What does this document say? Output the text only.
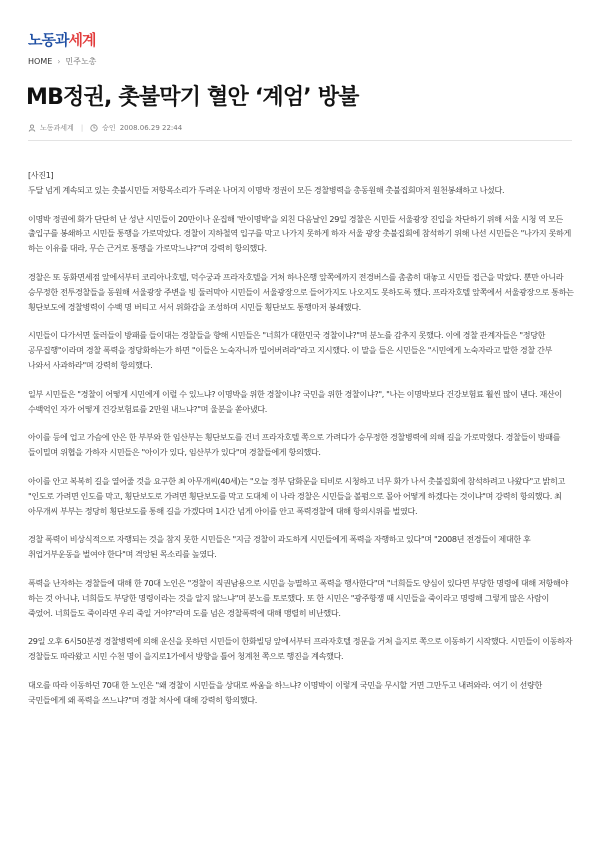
노동과세계
HOME › 민주노총
MB정권, 촛불막기 혈안 ‘계엄’ 방불
노동과세계 |	승인 2008.06.29 22:44

[사진1]

두달 넘게 계속되고 있는 촛불시민들 저항목소리가 두려운 나머지 이명박 정권이 모든 경찰병력을 총동원해 촛불집회마저 원천봉쇄하고 나섰다.

이명박 정권에 화가 단단히 난 성난 시민들이 20만이나 운집해 '반이명박'을 외친 다음날인 29일 경찰은 시민들 서울광장 진입을 차단하기 위해 서울 시청 역 모든 출입구를 봉쇄하고 시민들 통행을 가로막았다. 경찰이 지하철역 입구를 막고 나가지 못하게 하자 서울 광장 촛불집회에 참석하기 위해 나선 시민들은 "나가지 못하게 하는 이유를 대라, 무슨 근거로 통행을 가로막느냐?"며 강력히 항의했다.

경찰은 또 동화면세점 앞에서부터 코리아나호텔, 덕수궁과 프라자호텔을 거쳐 하나은행 앞쪽에까지 전경버스를 촘촘히 대놓고 시민들 접근을 막았다. 뿐만 아니라 승무정한 전투경찰들을 동원해 서울광장 주변을 빙 둘러막아 시민들이 서울광장으로 들어가지도 나오지도 못하도록 했다. 프라자호텔 앞쪽에서 서울광장으로 통하는 횡단보도에 경찰병력이 수백 명 버티고 서서 위화감을 조성하며 시민들 횡단보도 통행마저 봉쇄했다.

시민들이 다가서면 둘러들이 방패를 들이대는 경찰들을 향해 시민들은 "너희가 대한민국 경찰이냐?"며 분노를 감추지 못했다. 이에 경찰 관계자들은 "정당한 공무집행"이라며 경찰 폭력을 정당화하는가 하면 "이들은 노숙자니까 밀어버려라"라고 지시했다. 이 말을 들은 시민들은 "시민에게 노숙자라고 말한 경찰 간부 나와서 사과하라"며 강력히 항의했다.

일부 시민들은 "경찰이 어떻게 시민에게 이럴 수 있느냐? 이명박을 위한 경찰이냐? 국민을 위한 경찰이냐?", "나는 이명박보다 건강보험료 훨씬 많이 낸다. 재산이 수백억인 자가 어떻게 건강보험료를 2만원 내느냐?"며 울분을 쏟아냈다.

아이를 등에 업고 가슴에 안은 한 부부와 한 임산부는 횡단보도를 건너 프라자호텔 쪽으로 가려다가 승무정한 경찰병력에 의해 길을 가로막혔다. 경찰들이 방패를 들이밀며 위협을 가하자 시민들은 "아이가 있다, 임산부가 있다"며 경찰들에게 항의했다.

아이를 안고 복복히 길을 열어줄 것을 요구한 최 아무개씨(40세)는 "오늘 정부 담화문을 티비로 시청하고 너무 화가 나서 촛불집회에 참석하려고 나왔다"고 밝히고 "인도로 가려면 인도를 막고, 횡단보도로 가려면 횡단보도를 막고 도대체 이 나라 경찰은 시민들을 볼펌으로 몰아 어떻게 하겠다는 것이냐"며 강력히 항의했다. 최 아무개씨 부부는 정당히 횡단보도를 통해 길을 가겠다며 1시간 넘게 아이를 안고 폭력경찰에 대해 항의시위를 벌였다.

경찰 폭력이 비상식적으로 자행되는 것을 참지 못한 시민들은 "지금 경찰이 과도하게 시민들에게 폭력을 자행하고 있다"며 "2008년 전경들이 제대한 후 취업거부운동을 벌여야 한다"며 격앙된 목소리를 높였다.

폭력을 난자하는 경찰들에 대해 한 70대 노인은 "경찰이 직권남용으로 시민을 능멸하고 폭력을 행사한다"며 "너희들도 양심이 있다면 부당한 명령에 대해 저항해야 하는 것 아니냐, 너희들도 부당한 명령이라는 것을 알지 않느냐"며 분노를 토로했다. 또 한 시민은 "광주항쟁 때 시민들을 죽이라고 명령해 그렇게 많은 사람이 죽었어. 너희들도 죽이라면 우리 죽일 거야?"라며 도를 넘은 경찰폭력에 대해 맹렬히 비난했다.

29일 오후 6시50분경 경찰병력에 의해 운신을 못하던 시민들이 한화빌딩 앞에서부터 프라자호텔 정문을 거쳐 을지로 쪽으로 이동하기 시작했다. 시민들이 이동하자 경찰들도 따라왔고 시민 수천 명이 을지로1가에서 방향을 틀어 청계천 쪽으로 행진을 계속했다.

대오를 따라 이동하던 70대 한 노인은 "왜 경찰이 시민들을 상대로 싸움을 하느냐? 이명박이 이렇게 국민을 무시할 거면 그만두고 내려와라. 여기 이 선량한 국민들에게 왜 폭력을 쓰느냐?"며 경찰 처사에 대해 강력히 항의했다.
